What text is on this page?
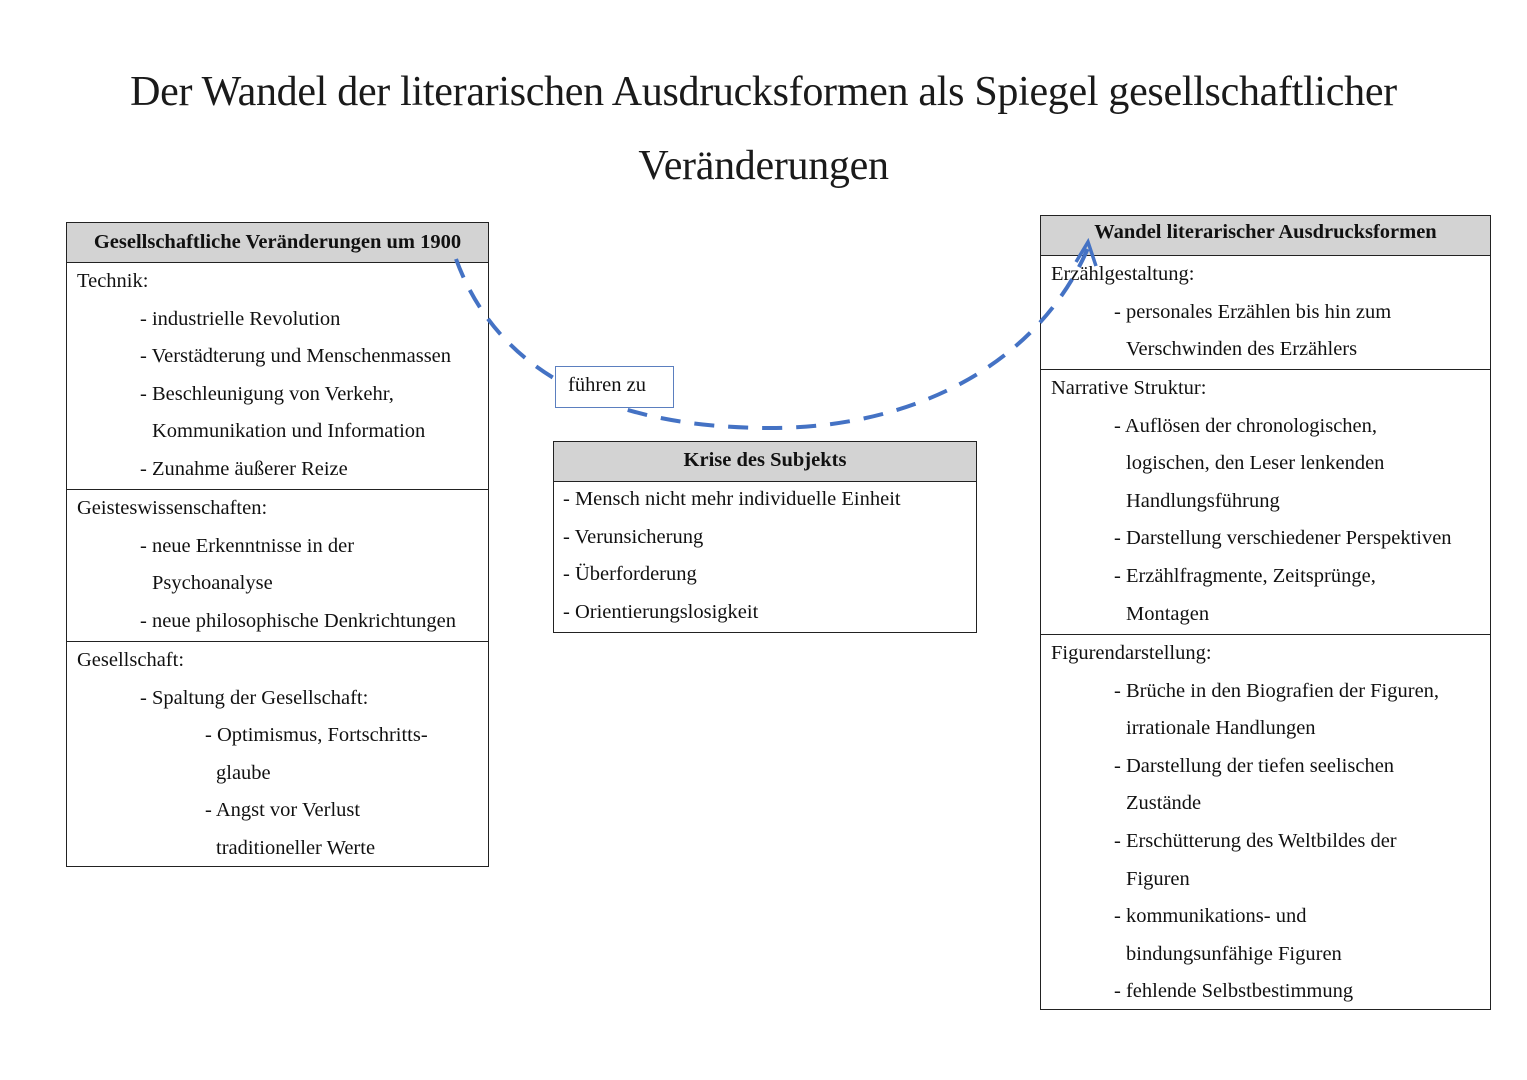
Der Wandel der literarischen Ausdrucksformen als Spiegel gesellschaftlicher
Veränderungen
Gesellschaftliche Veränderungen um 1900
Technik:
- industrielle Revolution
- Verstädterung und Menschenmassen
- Beschleunigung von Verkehr,
Kommunikation und Information
- Zunahme äußerer Reize
Geisteswissenschaften:
- neue Erkenntnisse in der
Psychoanalyse
- neue philosophische Denkrichtungen
Gesellschaft:
- Spaltung der Gesellschaft:
- Optimismus, Fortschritts-
glaube
- Angst vor Verlust
traditioneller Werte
Krise des Subjekts
- Mensch nicht mehr individuelle Einheit
- Verunsicherung
- Überforderung
- Orientierungslosigkeit
Wandel literarischer Ausdrucksformen
Erzählgestaltung:
- personales Erzählen bis hin zum
Verschwinden des Erzählers
Narrative Struktur:
- Auflösen der chronologischen,
logischen, den Leser lenkenden
Handlungsführung
- Darstellung verschiedener Perspektiven
- Erzählfragmente, Zeitsprünge,
Montagen
Figurendarstellung:
- Brüche in den Biografien der Figuren,
irrationale Handlungen
- Darstellung der tiefen seelischen
Zustände
- Erschütterung des Weltbildes der
Figuren
- kommunikations- und
bindungsunfähige Figuren
- fehlende Selbstbestimmung
führen zu
